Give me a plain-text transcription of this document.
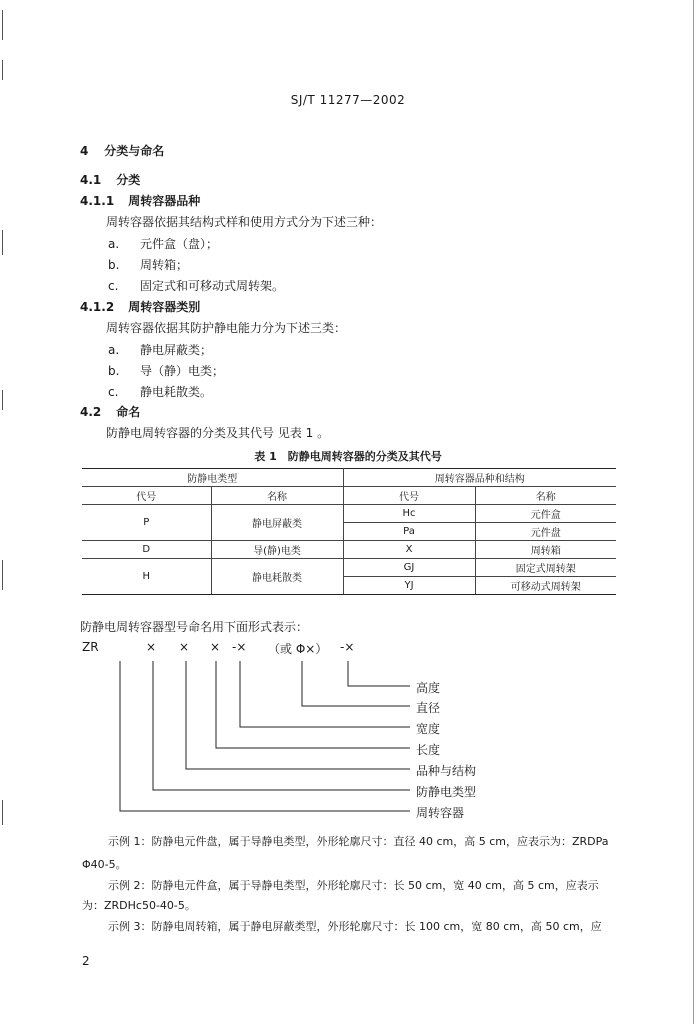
SJ/T 11277—2002
4 分类与命名
4.1 分类
4.1.1 周转容器品种
周转容器依据其结构式样和使用方式分为下述三种：
a. 元件盒（盘）；
b. 周转箱；
c. 固定式和可移动式周转架。
4.1.2 周转容器类别
周转容器依据其防护静电能力分为下述三类：
a. 静电屏蔽类；
b. 导（静）电类；
c. 静电耗散类。
4.2 命名
防静电周转容器的分类及其代号 见表 1 。
表 1　防静电周转容器的分类及其代号
防静电类型		周转容器品种和结构	
代号	名称	代号	名称
P	静电屏蔽类	Hc	元件盒
		Pa	元件盘
D	导(静)电类	X	周转箱
H	静电耗散类	GJ	固定式周转架
		YJ	可移动式周转架
防静电周转容器型号命名用下面形式表示：
ZR	× × × -× （或 Φ×） -×
高度
直径
宽度
长度
品种与结构
防静电类型
周转容器
示例 1：防静电元件盘，属于导静电类型，外形轮廓尺寸：直径 40 cm，高 5 cm，应表示为：ZRDPa
Φ40-5。
示例 2：防静电元件盒，属于导静电类型，外形轮廓尺寸：长 50 cm，宽 40 cm，高 5 cm，应表示
为：ZRDHc50-40-5。
示例 3：防静电周转箱，属于静电屏蔽类型，外形轮廓尺寸：长 100 cm，宽 80 cm，高 50 cm，应
2
